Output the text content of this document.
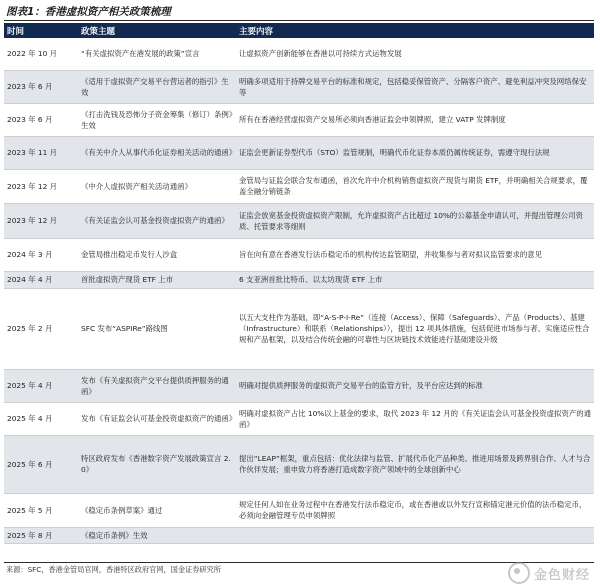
图表1：香港虚拟资产相关政策梳理
时间	政策主题	主要内容
2022 年 10 月	“有关虚拟资产在港发展的政策”宣言	让虚拟资产创新能够在香港以可持续方式运物发展
2023 年 6 月	《适用于虚拟资产交易平台营运者的指引》生效	明确多项适用于持牌交易平台的标准和规定，包括稳妥保管资产、分隔客户资产、避免利益冲突及网络保安等
2023 年 6 月	《打击洗钱及恐怖分子资金筹集（修订）条例》生效	所有在香港经营虚拟资产交易所必须向香港证监会申领牌照，建立 VATP 发牌制度
2023 年 11 月	《有关中介人从事代币化证券相关活动的通函》	证监会更新证券型代币（STO）监管规制，明确代币化证券本质仍属传统证券，需遵守现行法规
2023 年 12 月	《中介人虚拟资产相关活动通函》	金管局与证监会联合发布通函，首次允许中介机构销售虚拟资产现货与期货 ETF，并明确相关合规要求，覆盖全融分销链条
2023 年 12 月	《有关证监会认可基金投资虚拟资产的通函》	证监会放宽基金投资虚拟资产限制，允许虚拟资产占比超过 10%的公募基金申请认可，并提出管理公司资质、托管要求等细则
2024 年 3 月	金管局推出稳定币发行人沙盒	旨在向有意在香港发行法币稳定币的机构传达监管期望，并收集参与者对拟议监管要求的意见
2024 年 4 月	首批虚拟资产现货 ETF 上市	6 支亚洲首批比特币、以太坊现货 ETF 上市
2025 年 2 月	SFC 发布“ASPIRe”路线图	以五大支柱作为基础，即“A-S-P-I-Re”（连接（Access）、保障（Safeguards）、产品（Products）、基建（Infrastructure）和联系（Relationships）），提出 12 项具体措施，包括促进市场参与者、实施适应性合规和产品框架，以及结合传统金融的可靠性与区块链技术效能进行基础建设升级
2025 年 4 月	发布《有关虚拟资产交平台提供质押服务的通函》	明确对提供质押服务的虚拟资产交易平台的监管方针，及平台应达到的标准
2025 年 4 月	发布《有证监会认可基金投资虚拟资产的通函》	明确对虚拟资产占比 10%以上基金的要求，取代 2023 年 12 月的《有关证监会认可基金投资虚拟资产的通函》
2025 年 6 月	特区政府发布《香港数字资产发展政策宣言 2.0》	提出“LEAP”框架，重点包括：优化法律与监管、扩展代币化产品种类、推进用场景及跨界别合作、人才与合作伙伴发展；重申致力将香港打造成数字资产领域中的全球创新中心
2025 年 5 月	《稳定币条例草案》通过	规定任何人如在业务过程中在香港发行法币稳定币，或在香港或以外发行宣称锚定港元价值的法币稳定币，必须向金融管理专员申领牌照
2025 年 8 月	《稳定币条例》生效	
来源：SFC，香港金管局官网，香港特区政府官网，国金证券研究所	金色财经
